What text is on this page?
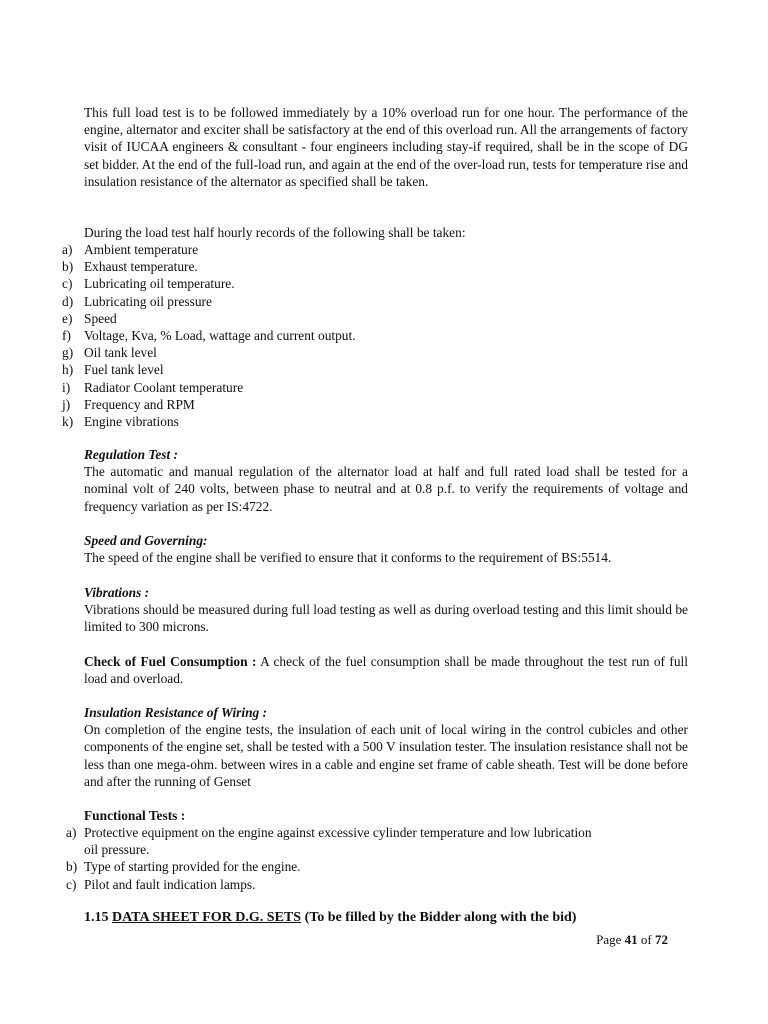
This full load test is to be followed immediately by a 10% overload run for one hour. The performance of the engine, alternator and exciter shall be satisfactory at the end of this overload run. All the arrangements of factory visit of IUCAA engineers & consultant - four engineers including stay-if required, shall be in the scope of DG set bidder. At the end of the full-load run, and again at the end of the over-load run, tests for temperature rise and insulation resistance of the alternator as specified shall be taken.

During the load test half hourly records of the following shall be taken:

a) Ambient temperature
b) Exhaust temperature.
c) Lubricating oil temperature.
d) Lubricating oil pressure
e) Speed
f) Voltage, Kva, % Load, wattage and current output.
g) Oil tank level
h) Fuel tank level
i)	Radiator Coolant temperature
j)	Frequency and RPM
k) Engine vibrations
Regulation Test :

The automatic and manual regulation of the alternator load at half and full rated load shall be tested for a nominal volt of 240 volts, between phase to neutral and at 0.8 p.f. to verify the requirements of voltage and frequency variation as per IS:4722.

Speed and Governing:

The speed of the engine shall be verified to ensure that it conforms to the requirement of BS:5514.

Vibrations :

Vibrations should be measured during full load testing as well as during overload testing and this limit should be limited to 300 microns.

Check of Fuel Consumption : A check of the fuel consumption shall be made throughout the test run of full load and overload.

Insulation Resistance of Wiring :

On completion of the engine tests, the insulation of each unit of local wiring in the control cubicles and other components of the engine set, shall be tested with a 500 V insulation tester. The insulation resistance shall not be less than one mega-ohm. between wires in a cable and engine set frame of cable sheath. Test will be done before and after the running of Genset

Functional Tests :
a) Protective equipment on the engine against excessive cylinder temperature and low lubrication oil pressure.
b) Type of starting provided for the engine.
c) Pilot and fault indication lamps.
1.15 DATA SHEET FOR D.G. SETS (To be filled by the Bidder along with the bid)
Page 41 of 72
